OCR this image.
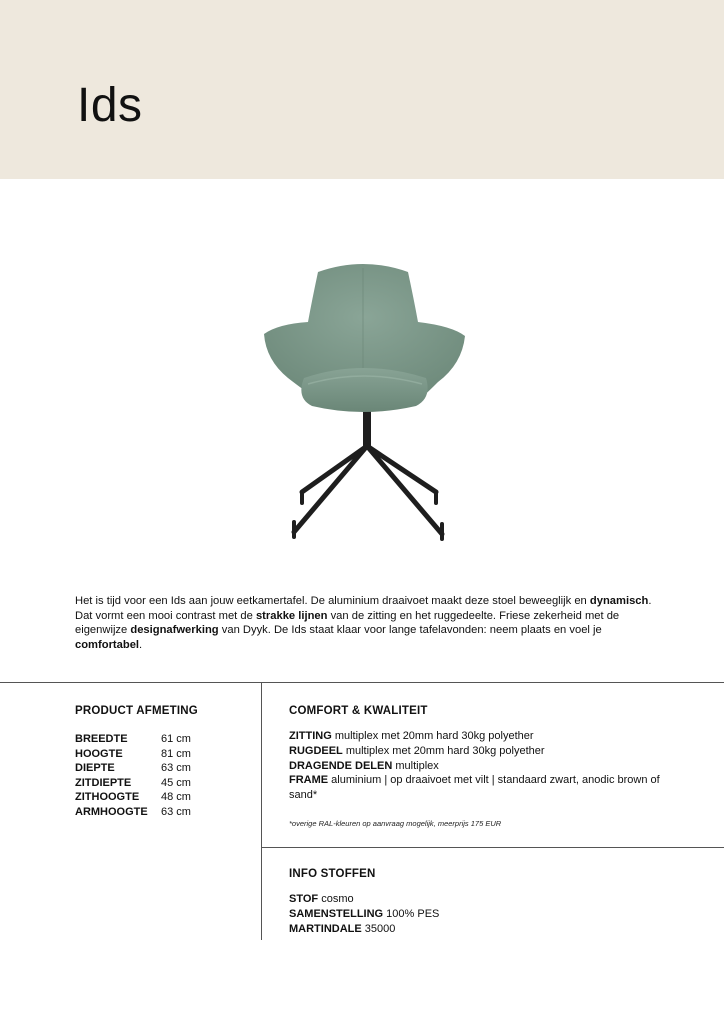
Ids

Het is tijd voor een Ids aan jouw eetkamertafel. De aluminium draaivoet maakt deze stoel beweeglijk en dynamisch. Dat vormt een mooi contrast met de strakke lijnen van de zitting en het ruggedeelte. Friese zekerheid met de eigenwijze designafwerking van Dyyk. De Ids staat klaar voor lange tafelavonden: neem plaats en voel je comfortabel.

PRODUCT AFMETING
BREEDTE	61 cm
HOOGTE	81 cm
DIEPTE	63 cm
ZITDIEPTE	45 cm
ZITHOOGTE	48 cm
ARMHOOGTE	63 cm
COMFORT & KWALITEIT
ZITTING multiplex met 20mm hard 30kg polyether
RUGDEEL multiplex met 20mm hard 30kg polyether
DRAGENDE DELEN multiplex
FRAME aluminium | op draaivoet met vilt | standaard zwart, anodic brown of sand*
*overige RAL-kleuren op aanvraag mogelijk, meerprijs 175 EUR
INFO STOFFEN
STOF cosmo
SAMENSTELLING 100% PES
MARTINDALE 35000
